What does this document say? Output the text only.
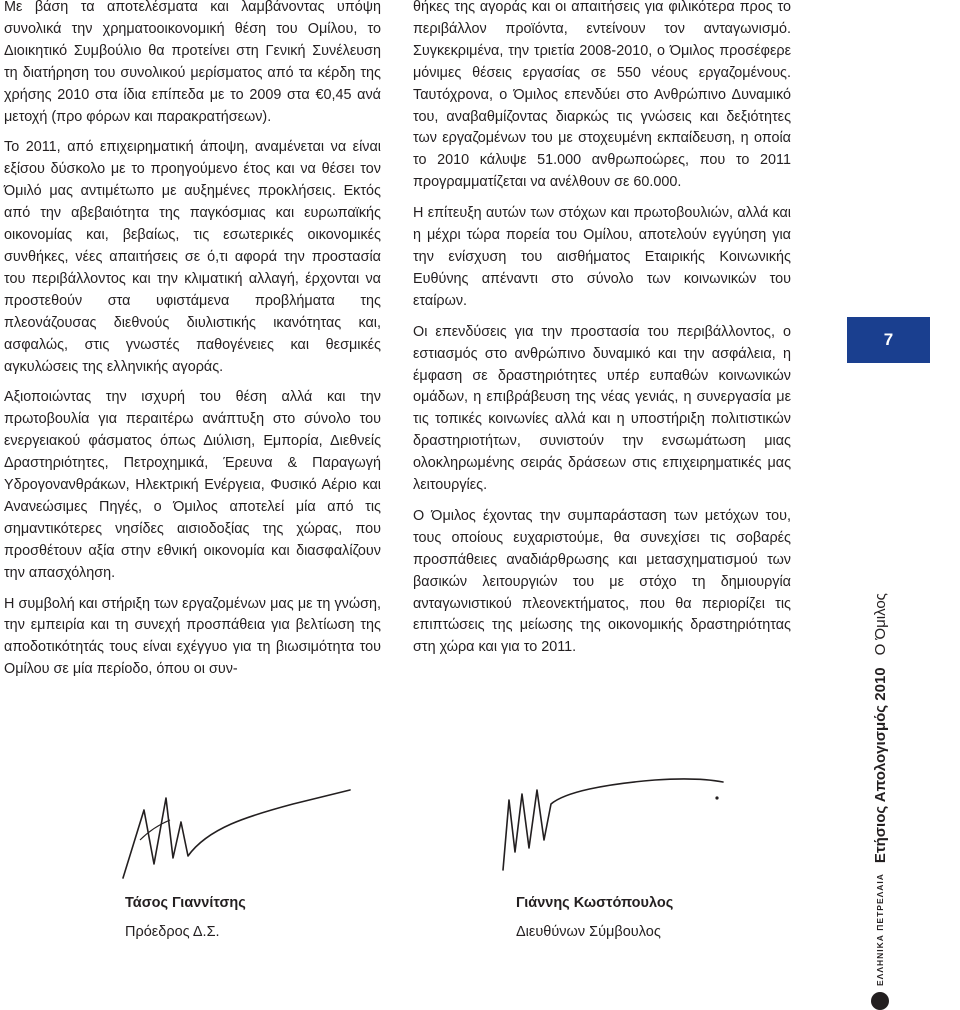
Με βάση τα αποτελέσματα και λαμβάνοντας υπόψη συνολικά την χρηματοοικονομική θέση του Ομίλου, το Διοικητικό Συμβούλιο θα προτείνει στη Γενική Συνέλευση τη διατήρηση του συνολικού μερίσματος από τα κέρδη της χρήσης 2010 στα ίδια επίπεδα με το 2009 στα €0,45 ανά μετοχή (προ φόρων και παρακρατήσεων).

Το 2011, από επιχειρηματική άποψη, αναμένεται να είναι εξίσου δύσκολο με το προηγούμενο έτος και να θέσει τον Όμιλό μας αντιμέτωπο με αυξημένες προκλήσεις. Εκτός από την αβεβαιότητα της παγκόσμιας και ευρωπαϊκής οικονομίας και, βεβαίως, τις εσωτερικές οικονομικές συνθήκες, νέες απαιτήσεις σε ό,τι αφορά την προστασία του περιβάλλοντος και την κλιματική αλλαγή, έρχονται να προστεθούν στα υφιστάμενα προβλήματα της πλεονάζουσας διεθνούς διυλιστικής ικανότητας και, ασφαλώς, στις γνωστές παθογένειες και θεσμικές αγκυλώσεις της ελληνικής αγοράς.

Αξιοποιώντας την ισχυρή του θέση αλλά και την πρωτοβουλία για περαιτέρω ανάπτυξη στο σύνολο του ενεργειακού φάσματος όπως Διύλιση, Εμπορία, Διεθνείς Δραστηριότητες, Πετροχημικά, Έρευνα & Παραγωγή Υδρογονανθράκων, Ηλεκτρική Ενέργεια, Φυσικό Αέριο και Ανανεώσιμες Πηγές, ο Όμιλος αποτελεί μία από τις σημαντικότερες νησίδες αισιοδοξίας της χώρας, που προσθέτουν αξία στην εθνική οικονομία και διασφαλίζουν την απασχόληση.

Η συμβολή και στήριξη των εργαζομένων μας με τη γνώση, την εμπειρία και τη συνεχή προσπάθεια για βελτίωση της αποδοτικότητάς τους είναι εχέγγυο για τη βιωσιμότητα του Ομίλου σε μία περίοδο, όπου οι συν-

θήκες της αγοράς και οι απαιτήσεις για φιλικότερα προς το περιβάλλον προϊόντα, εντείνουν τον ανταγωνισμό. Συγκεκριμένα, την τριετία 2008-2010, ο Όμιλος προσέφερε μόνιμες θέσεις εργασίας σε 550 νέους εργαζομένους. Ταυτόχρονα, ο Όμιλος επενδύει στο Ανθρώπινο Δυναμικό του, αναβαθμίζοντας διαρκώς τις γνώσεις και δεξιότητες των εργαζομένων του με στοχευμένη εκπαίδευση, η οποία το 2010 κάλυψε 51.000 ανθρωποώρες, που το 2011 προγραμματίζεται να ανέλθουν σε 60.000.

Η επίτευξη αυτών των στόχων και πρωτοβουλιών, αλλά και η μέχρι τώρα πορεία του Ομίλου, αποτελούν εγγύηση για την ενίσχυση του αισθήματος Εταιρικής Κοινωνικής Ευθύνης απέναντι στο σύνολο των κοινωνικών του εταίρων.

Οι επενδύσεις για την προστασία του περιβάλλοντος, ο εστιασμός στο ανθρώπινο δυναμικό και την ασφάλεια, η έμφαση σε δραστηριότητες υπέρ ευπαθών κοινωνικών ομάδων, η επιβράβευση της νέας γενιάς, η συνεργασία με τις τοπικές κοινωνίες αλλά και η υποστήριξη πολιτιστικών δραστηριοτήτων, συνιστούν την ενσωμάτωση μιας ολοκληρωμένης σειράς δράσεων στις επιχειρηματικές μας λειτουργίες.

Ο Όμιλος έχοντας την συμπαράσταση των μετόχων του, τους οποίους ευχαριστούμε, θα συνεχίσει τις σοβαρές προσπάθειες αναδιάρθρωσης και μετασχηματισμού των βασικών λειτουργιών του με στόχο τη δημιουργία ανταγωνιστικού πλεονεκτήματος, που θα περιορίζει τις επιπτώσεις της μείωσης της οικονομικής δραστηριότητας στη χώρα και για το 2011.

Τάσος Γιαννίτσης
Πρόεδρος Δ.Σ.
Γιάννης Κωστόπουλος
Διευθύνων Σύμβουλος
7
ΕΛΛΗΝΙΚΑ ΠΕΤΡΕΛΑΙΑ
Ετήσιος Απολογισμός 2010
Ο Όμιλος
